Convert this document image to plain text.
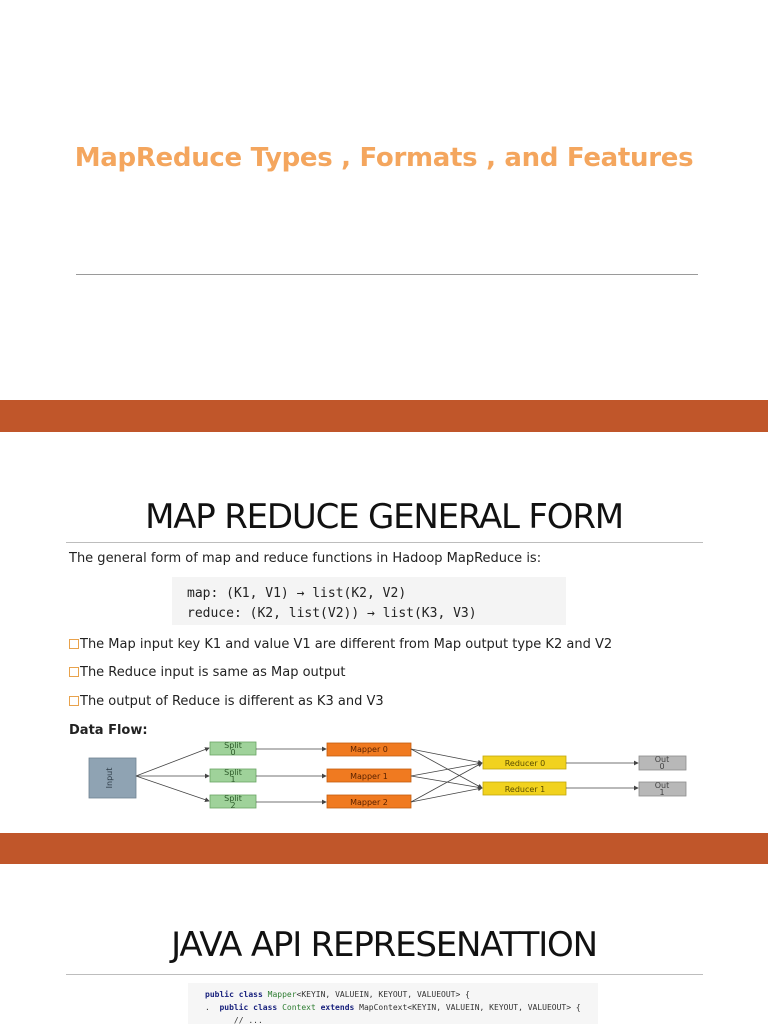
MapReduce Types , Formats , and Features
MAP REDUCE GENERAL FORM
The general form of map and reduce functions in Hadoop MapReduce is:
map: (K1, V1) → list(K2, V2)
reduce: (K2, list(V2)) → list(K3, V3)
The Map input key K1 and value V1 are different from Map output type K2 and V2
The Reduce input is same as Map output
The output of Reduce is different as K3 and V3
Data Flow:
Input
Split
0
Split
1
Split
2
Mapper 0
Mapper 1
Mapper 2
Reducer 0
Reducer 1
Out
0
Out
1
JAVA API REPRESENATTION
public class Mapper<KEYIN, VALUEIN, KEYOUT, VALUEOUT> {
.  public class Context extends MapContext<KEYIN, VALUEIN, KEYOUT, VALUEOUT> {
// ...
